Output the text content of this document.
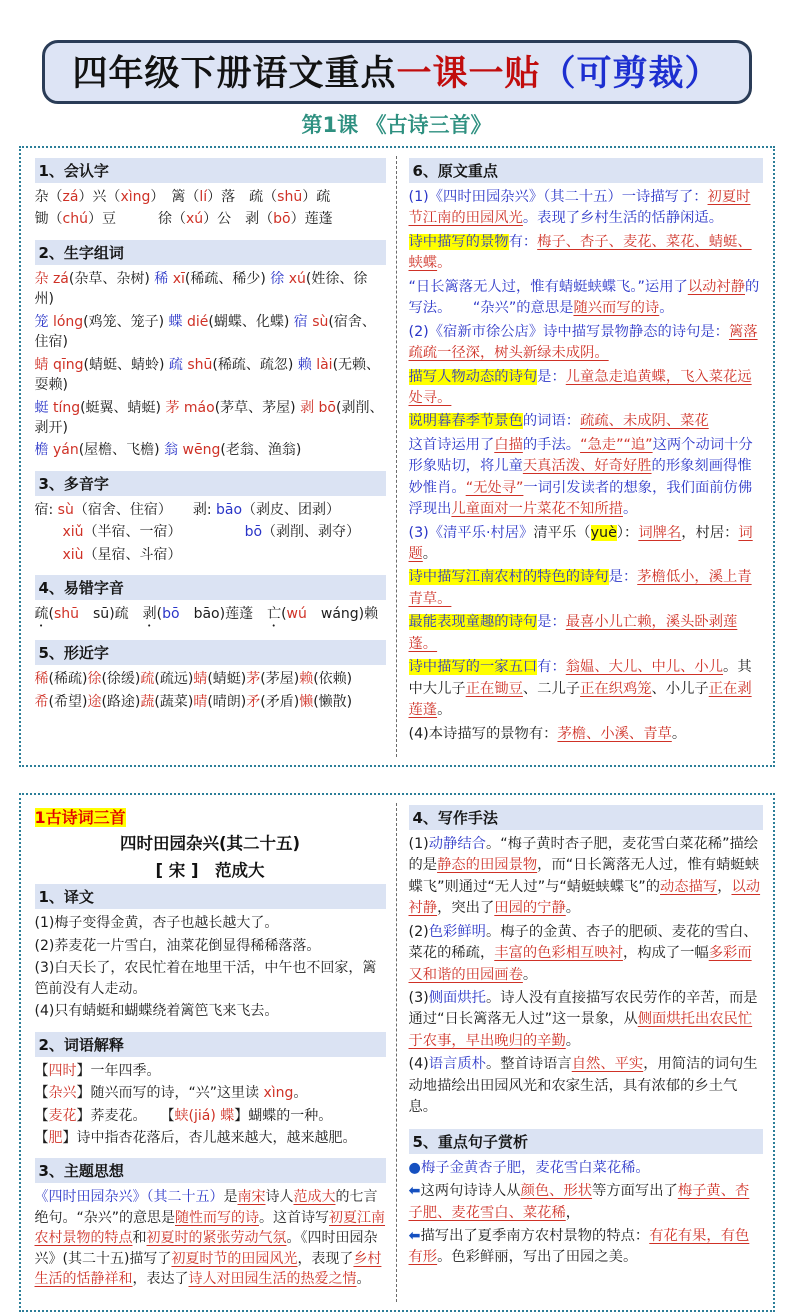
四年级下册语文重点一课一贴（可剪裁）

第1课 《古诗三首》
1、会认字

杂（zá）兴（xìng）　 篱（lí）落　 疏（shū）疏

锄（chú）豆　　　	徐（xú）公　 剥（bō）莲蓬

2、生字组词

杂 zá(杂草、杂树) 稀 xī(稀疏、稀少) 徐 xú(姓徐、徐州)

笼 lóng(鸡笼、笼子) 蝶 dié(蝴蝶、化蝶) 宿 sù(宿舍、住宿)

蜻 qīng(蜻蜓、蜻蛉) 疏 shū(稀疏、疏忽) 赖 lài(无赖、耍赖)

蜓 tíng(蜓翼、蜻蜓) 茅 máo(茅草、茅屋) 剥 bō(剥削、剥开)

檐 yán(屋檐、飞檐) 翁 wēng(老翁、渔翁)

3、多音字

宿: sù（宿舍、住宿）　　 剥: bāo（剥皮、团剥）

　　xiǔ（半宿、一宿）　　　　　	bō（剥削、剥夺）

　　xiù（星宿、斗宿）

4、易错字音

疏(shū　 sū)疏　 剥(bō　 bāo)莲蓬　 亡(wú　 wáng)赖

5、形近字

稀(稀疏)徐(徐缓)疏(疏远)蜻(蜻蜓)茅(茅屋)赖(依赖)

希(希望)途(路途)蔬(蔬菜)晴(晴朗)矛(矛盾)懒(懒散)

6、原文重点

(1)《四时田园杂兴》（其二十五）一诗描写了：初夏时节江南的田园风光。表现了乡村生活的恬静闲适。

诗中描写的景物有：梅子、杏子、麦花、菜花、蜻蜓、蛱蝶。

“日长篱落无人过，惟有蜻蜓蛱蝶飞。”运用了以动衬静的写法。　　“杂兴”的意思是随兴而写的诗。

(2)《宿新市徐公店》诗中描写景物静态的诗句是：篱落疏疏一径深，树头新绿未成阴。

描写人物动态的诗句是：儿童急走追黄蝶，飞入菜花远处寻。

说明暮春季节景色的词语：疏疏、未成阴、菜花

这首诗运用了白描的手法。“急走”“追”这两个动词十分形象贴切，将儿童天真活泼、好奇好胜的形象刻画得惟妙惟肖。“无处寻”一词引发读者的想象，我们面前仿佛浮现出儿童面对一片菜花不知所措。

(3)《清平乐·村居》清平乐（yuè）：词牌名，村居：词题。

诗中描写江南农村的特色的诗句是：茅檐低小，溪上青青草。

最能表现童趣的诗句是：最喜小儿亡赖，溪头卧剥莲蓬。

诗中描写的一家五口有：翁媪、大儿、中儿、小儿。其中大儿子正在锄豆、二儿子正在织鸡笼、小儿子正在剥莲蓬。

(4)本诗描写的景物有：茅檐、小溪、青草。

1古诗词三首

四时田园杂兴(其二十五)

[ 宋 ]　范成大

1、译文

(1)梅子变得金黄，杏子也越长越大了。

(2)荞麦花一片雪白，油菜花倒显得稀稀落落。

(3)白天长了，农民忙着在地里干活，中午也不回家，篱笆前没有人走动。

(4)只有蜻蜓和蝴蝶绕着篱笆飞来飞去。

2、词语解释

【四时】一年四季。

【杂兴】随兴而写的诗，“兴”这里读 xìng。

【麦花】荞麦花。　　 【蛱(jiá) 蝶】蝴蝶的一种。

【肥】诗中指杏花落后，杏儿越来越大，越来越肥。

3、主题思想

《四时田园杂兴》（其二十五）是南宋诗人范成大的七言绝句。“杂兴”的意思是随性而写的诗。这首诗写初夏江南农村景物的特点和初夏时的紧张劳动气氛。《四时田园杂兴》(其二十五)描写了初夏时节的田园风光，表现了乡村生活的恬静祥和，表达了诗人对田园生活的热爱之情。

4、写作手法

(1)动静结合。“梅子黄时杏子肥，麦花雪白菜花稀”描绘的是静态的田园景物，而“日长篱落无人过，惟有蜻蜓蛱蝶飞”则通过“无人过”与“蜻蜓蛱蝶飞”的动态描写，以动衬静，突出了田园的宁静。

(2)色彩鲜明。梅子的金黄、杏子的肥硕、麦花的雪白、菜花的稀疏，丰富的色彩相互映衬，构成了一幅多彩而又和谐的田园画卷。

(3)侧面烘托。诗人没有直接描写农民劳作的辛苦，而是通过“日长篱落无人过”这一景象，从侧面烘托出农民忙于农事，早出晚归的辛勤。

(4)语言质朴。整首诗语言自然、平实，用简洁的词句生动地描绘出田园风光和农家生活，具有浓郁的乡土气息。

5、重点句子赏析

●梅子金黄杏子肥，麦花雪白菜花稀。

⬅这两句诗诗人从颜色、形状等方面写出了梅子黄、杏子肥、麦花雪白、菜花稀，

⬅描写出了夏季南方农村景物的特点：有花有果，有色有形。色彩鲜丽，写出了田园之美。
